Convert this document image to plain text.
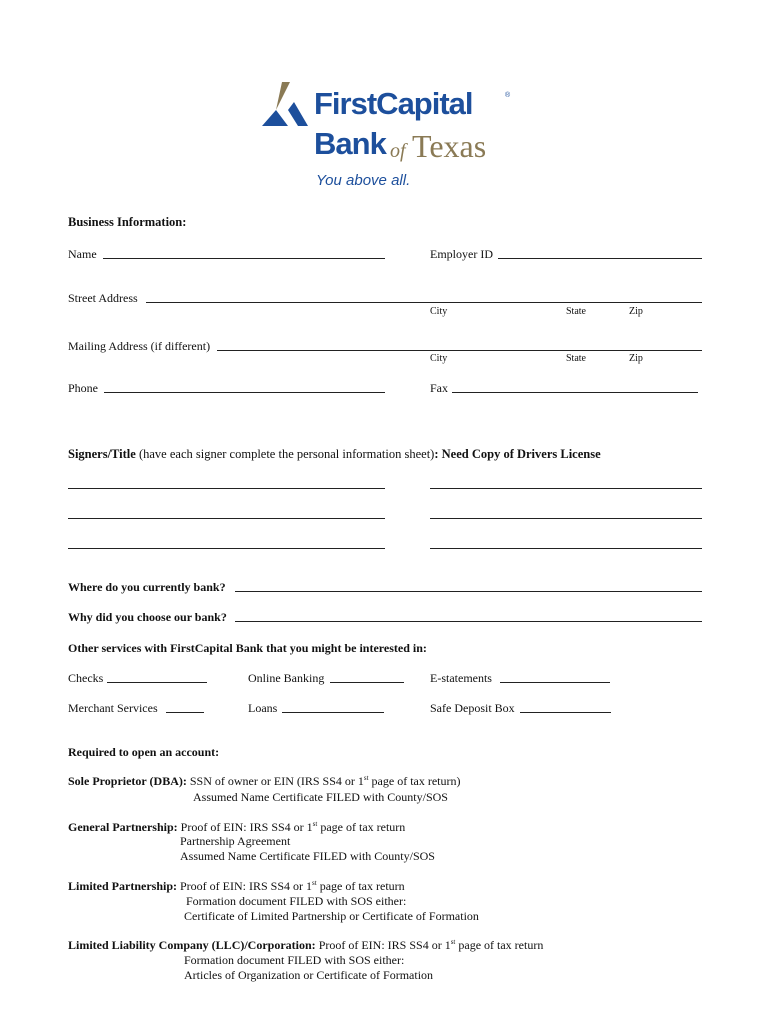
FirstCapital	®
Bank of Texas
You above all.
Business Information:
Name	Employer ID
Street Address
City	State	Zip
Mailing Address (if different)
City	State	Zip
Phone	Fax
Signers/Title (have each signer complete the personal information sheet): Need Copy of Drivers License
Where do you currently bank?
Why did you choose our bank?
Other services with FirstCapital Bank that you might be interested in:
Checks	Online Banking	E-statements
Merchant Services	Loans	Safe Deposit Box
Required to open an account:
Sole Proprietor (DBA): SSN of owner or EIN (IRS SS4 or 1st page of tax return)
Assumed Name Certificate FILED with County/SOS
General Partnership: Proof of EIN: IRS SS4 or 1st page of tax return
Partnership Agreement
Assumed Name Certificate FILED with County/SOS
Limited Partnership: Proof of EIN: IRS SS4 or 1st page of tax return
Formation document FILED with SOS either:
Certificate of Limited Partnership or Certificate of Formation
Limited Liability Company (LLC)/Corporation: Proof of EIN: IRS SS4 or 1st page of tax return
Formation document FILED with SOS either:
Articles of Organization or Certificate of Formation
